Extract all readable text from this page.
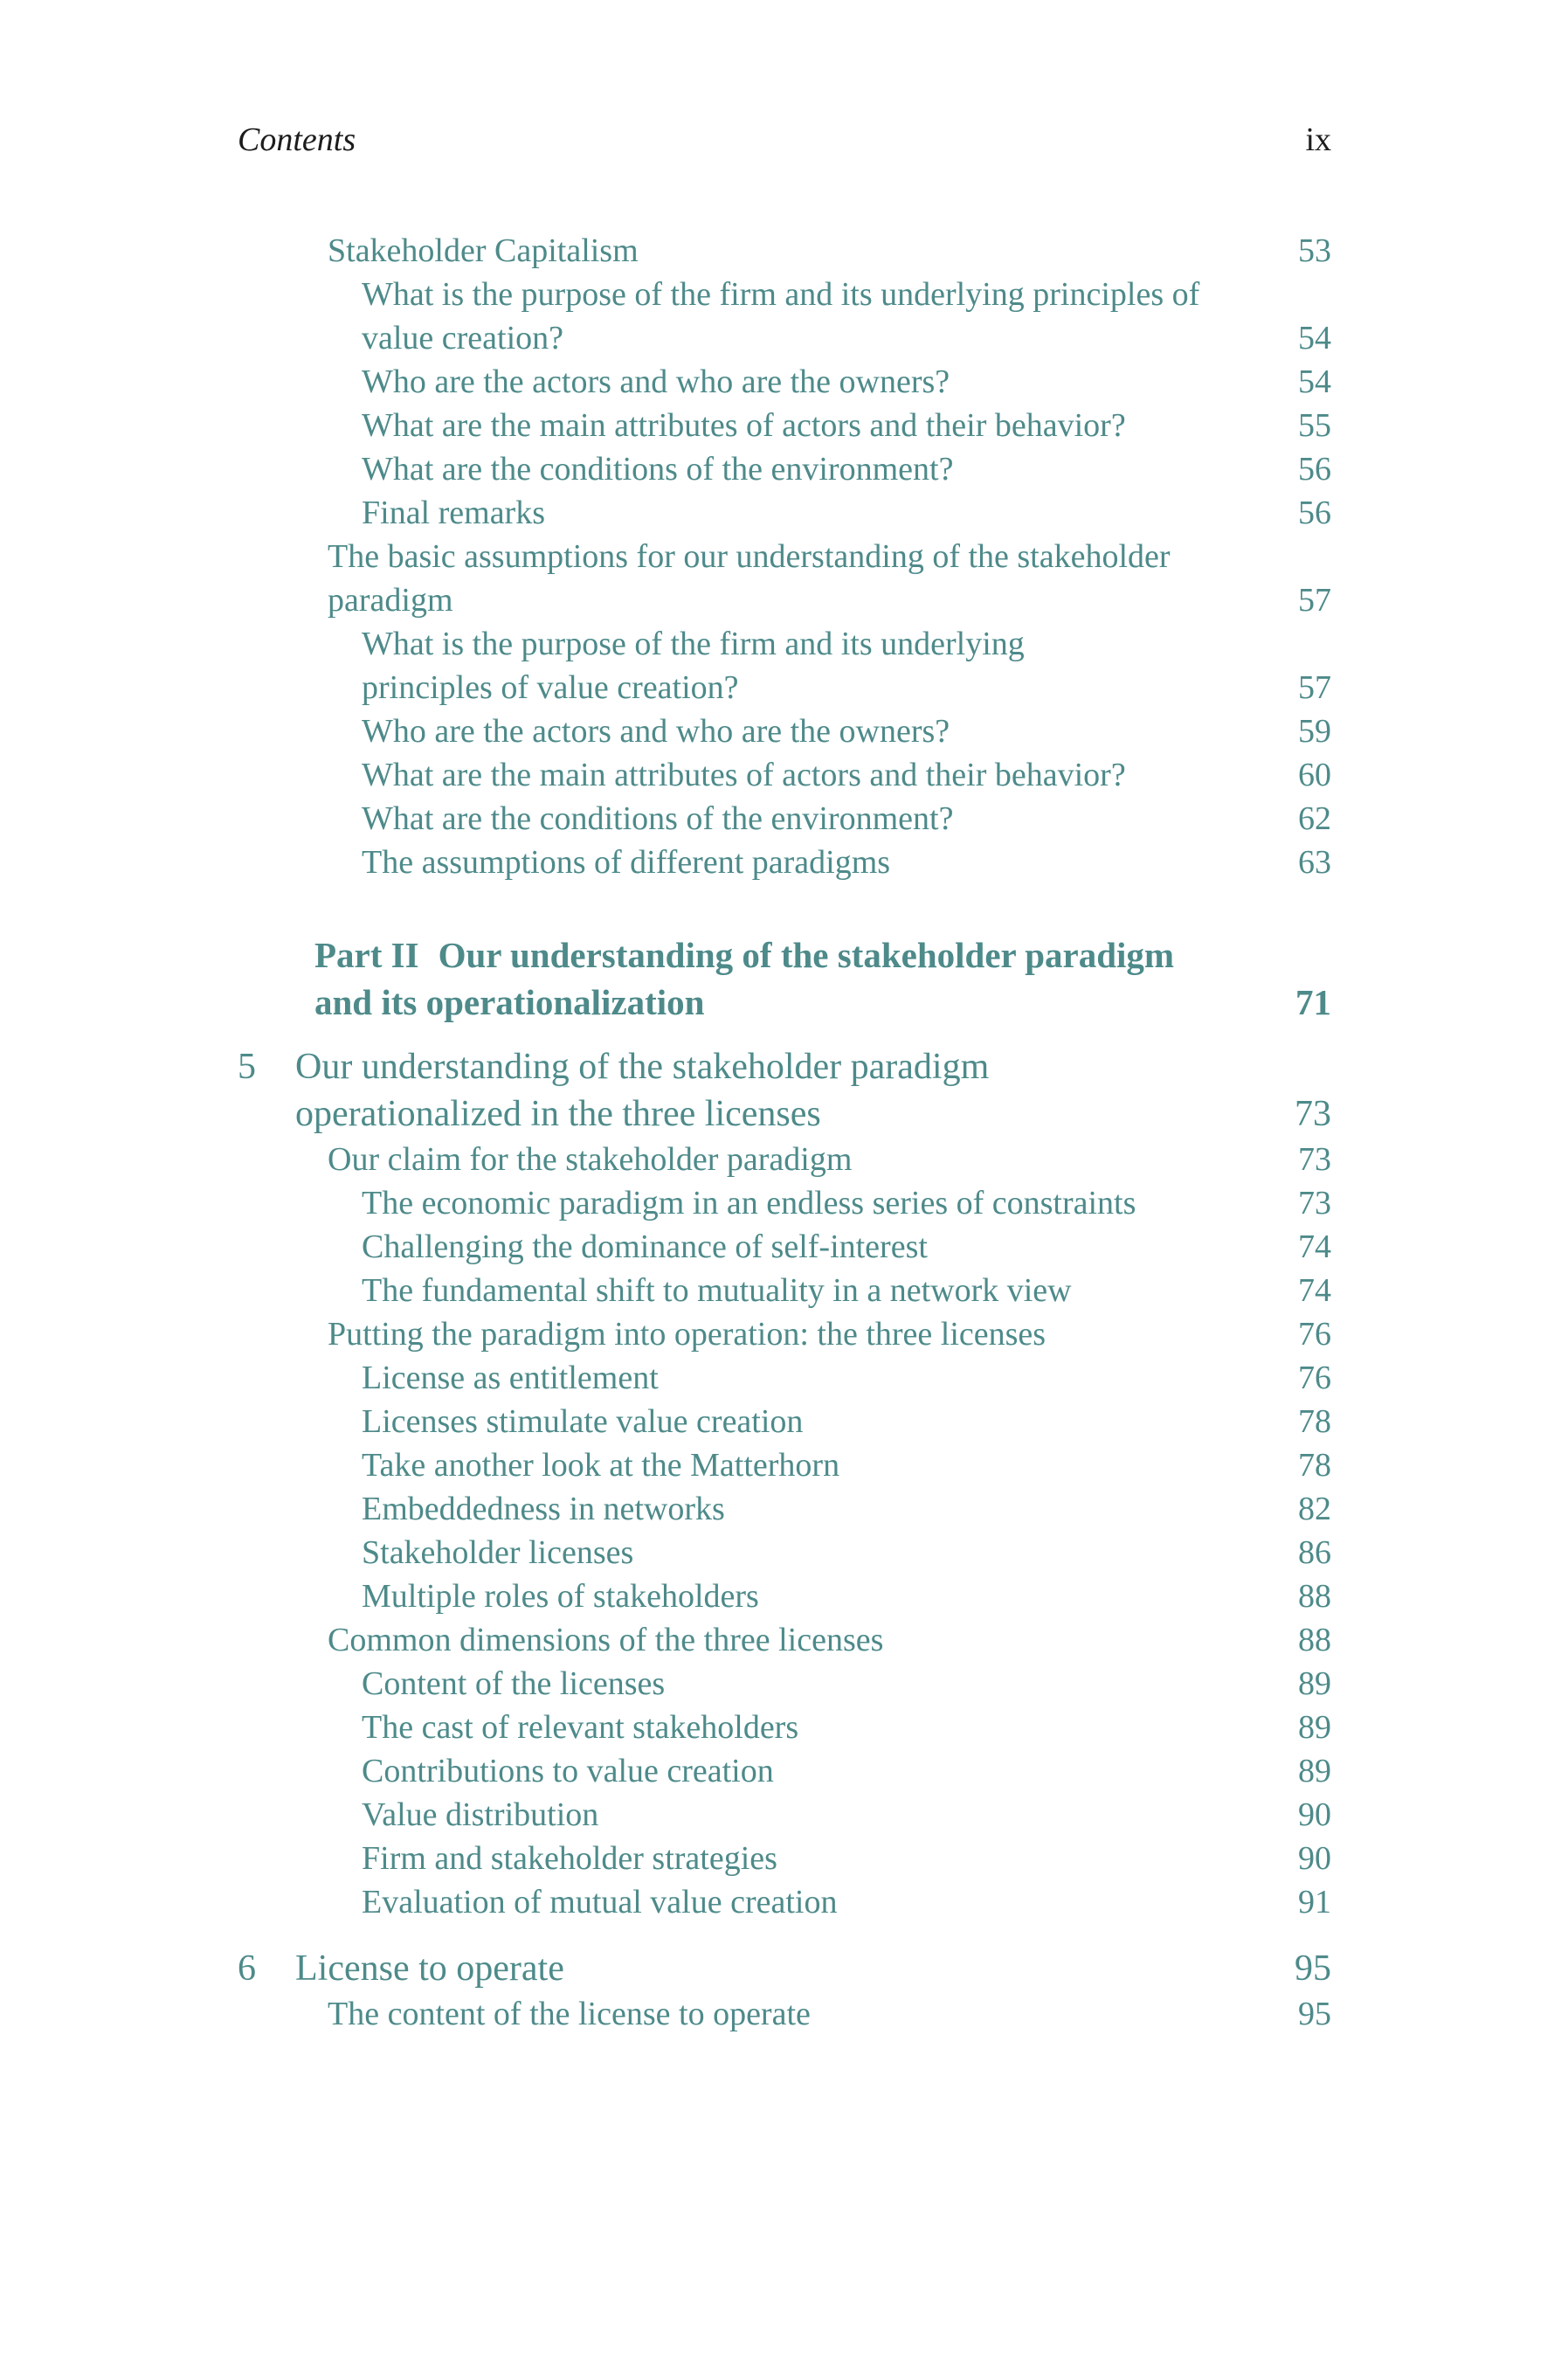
Contents	ix
Stakeholder Capitalism	53
What is the purpose of the firm and its underlying principles of value creation?	54
Who are the actors and who are the owners?	54
What are the main attributes of actors and their behavior?	55
What are the conditions of the environment?	56
Final remarks	56
The basic assumptions for our understanding of the stakeholder paradigm	57
What is the purpose of the firm and its underlying principles of value creation?	57
Who are the actors and who are the owners?	59
What are the main attributes of actors and their behavior?	60
What are the conditions of the environment?	62
The assumptions of different paradigms	63
Part II Our understanding of the stakeholder paradigm and its operationalization	71
5 Our understanding of the stakeholder paradigm operationalized in the three licenses	73
Our claim for the stakeholder paradigm	73
The economic paradigm in an endless series of constraints	73
Challenging the dominance of self-interest	74
The fundamental shift to mutuality in a network view	74
Putting the paradigm into operation: the three licenses	76
License as entitlement	76
Licenses stimulate value creation	78
Take another look at the Matterhorn	78
Embeddedness in networks	82
Stakeholder licenses	86
Multiple roles of stakeholders	88
Common dimensions of the three licenses	88
Content of the licenses	89
The cast of relevant stakeholders	89
Contributions to value creation	89
Value distribution	90
Firm and stakeholder strategies	90
Evaluation of mutual value creation	91
6 License to operate	95
The content of the license to operate	95
